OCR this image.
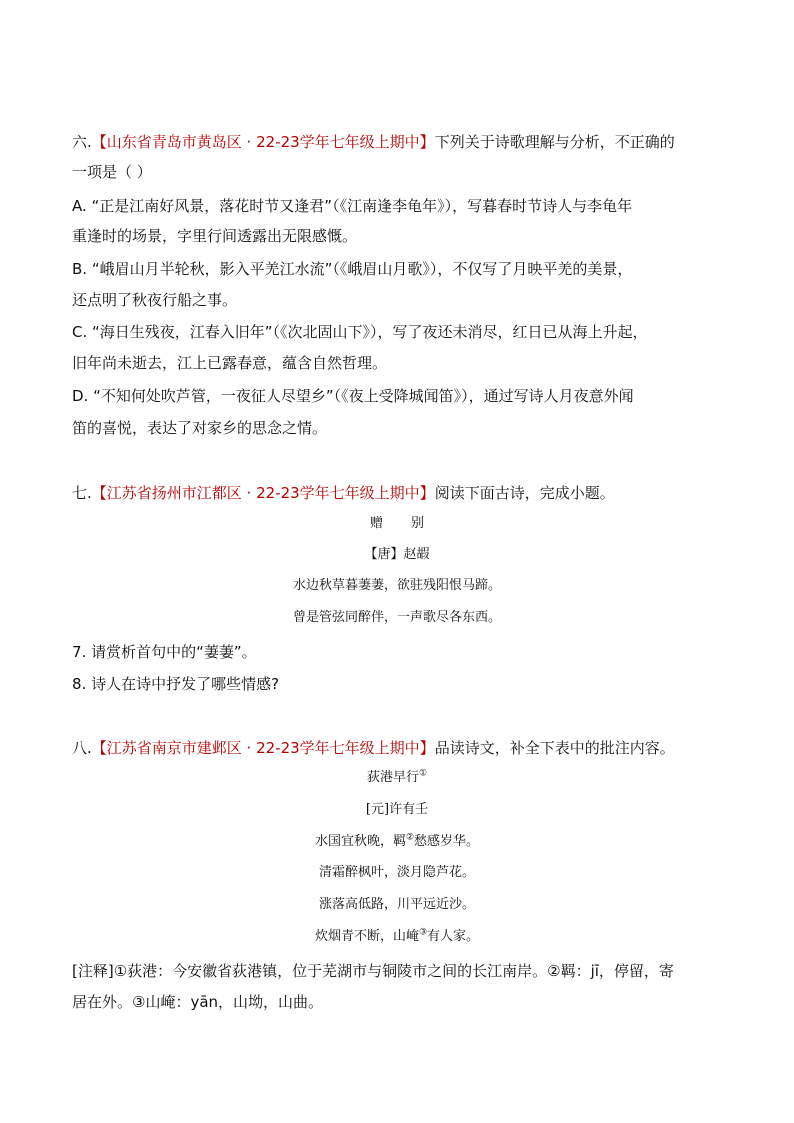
六.【山东省青岛市黄岛区 · 22-23学年七年级上期中】下列关于诗歌理解与分析，不正确的
一项是（ ）
A. “正是江南好风景，落花时节又逢君”（《江南逢李龟年》），写暮春时节诗人与李龟年
重逢时的场景，字里行间透露出无限感慨。
B. “峨眉山月半轮秋，影入平羌江水流”（《峨眉山月歌》），不仅写了月映平羌的美景，
还点明了秋夜行船之事。
C. “海日生残夜，江春入旧年”（《次北固山下》），写了夜还未消尽，红日已从海上升起，
旧年尚未逝去，江上已露春意，蕴含自然哲理。
D. “不知何处吹芦管，一夜征人尽望乡”（《夜上受降城闻笛》），通过写诗人月夜意外闻
笛的喜悦，表达了对家乡的思念之情。
七.【江苏省扬州市江都区 · 22-23学年七年级上期中】阅读下面古诗，完成小题。
赠别
【唐】赵嘏
水边秋草暮萋萋，欲驻残阳恨马蹄。
曾是管弦同醉伴，一声歌尽各东西。
7. 请赏析首句中的“萋萋”。
8. 诗人在诗中抒发了哪些情感?
八.【江苏省南京市建邺区 · 22-23学年七年级上期中】品读诗文，补全下表中的批注内容。
荻港早行①
[元]许有壬
水国宜秋晚，羁②愁感岁华。
清霜醉枫叶，淡月隐芦花。
涨落高低路，川平远近沙。
炊烟青不断，山崦③有人家。
[注释]①荻港：今安徽省荻港镇，位于芜湖市与铜陵市之间的长江南岸。②羁：jī，停留，寄
居在外。③山崦：yān，山坳，山曲。
